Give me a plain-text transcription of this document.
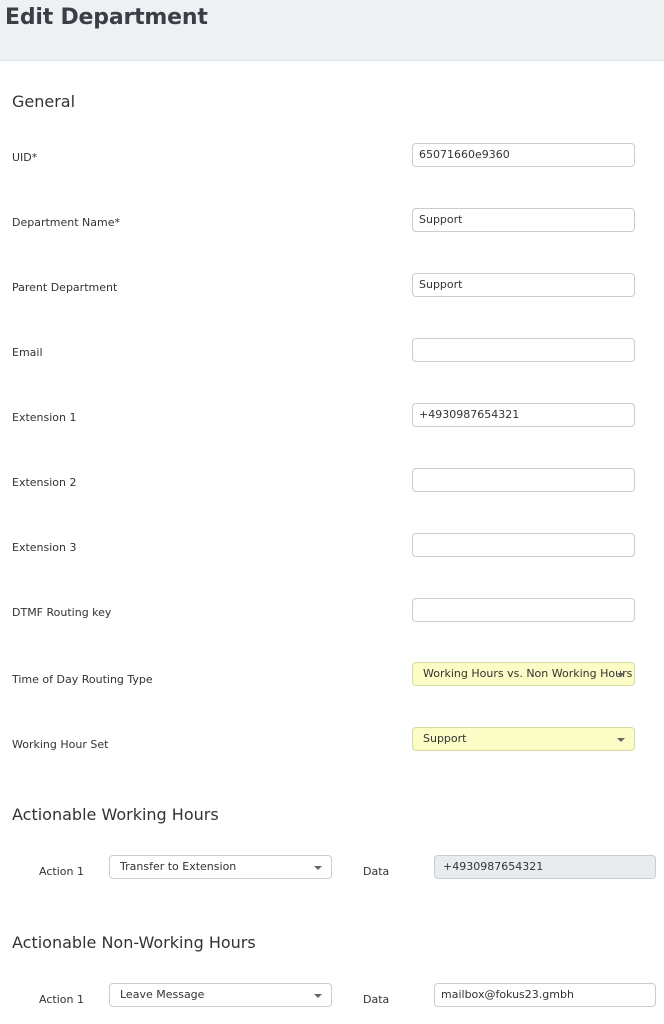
Edit Department
General
UID*	65071660e9360
Department Name*	Support
Parent Department	Support
Email
Extension 1	+4930987654321
Extension 2
Extension 3
DTMF Routing key
Time of Day Routing Type	Working Hours vs. Non Working Hours
Working Hour Set	Support
Actionable Working Hours
Action 1	Transfer to Extension	Data	+4930987654321
Actionable Non-Working Hours
Action 1	Leave Message	Data	mailbox@fokus23.gmbh
